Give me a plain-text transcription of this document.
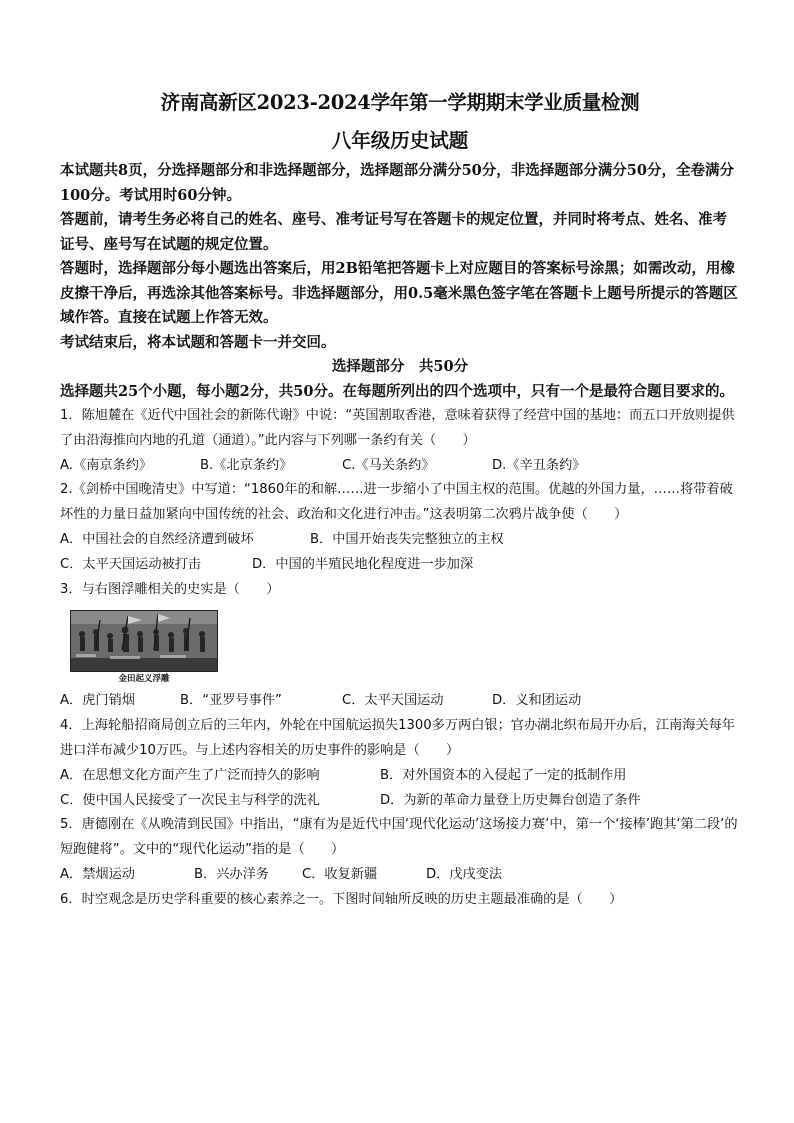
济南高新区2023-2024学年第一学期期末学业质量检测
八年级历史试题

本试题共8页，分选择题部分和非选择题部分，选择题部分满分50分，非选择题部分满分50分，全卷满分100分。考试用时60分钟。

答题前，请考生务必将自己的姓名、座号、准考证号写在答题卡的规定位置，并同时将考点、姓名、准考证号、座号写在试题的规定位置。

答题时，选择题部分每小题选出答案后，用2B铅笔把答题卡上对应题目的答案标号涂黑；如需改动，用橡皮擦干净后，再选涂其他答案标号。非选择题部分，用0.5毫米黑色签字笔在答题卡上题号所提示的答题区域作答。直接在试题上作答无效。

考试结束后，将本试题和答题卡一并交回。

选择题部分　共50分

选择题共25个小题，每小题2分，共50分。在每题所列出的四个选项中，只有一个是最符合题目要求的。

1．陈旭麓在《近代中国社会的新陈代谢》中说：“英国割取香港，意味着获得了经营中国的基地：而五口开放则提供了由沿海推向内地的孔道（通道）。”此内容与下列哪一条约有关（　　）

A.《南京条约》	B.《北京条约》	C.《马关条约》	D.《辛丑条约》

2.《剑桥中国晚清史》中写道：“1860年的和解……进一步缩小了中国主权的范围。优越的外国力量，……将带着破坏性的力量日益加紧向中国传统的社会、政治和文化进行冲击。”这表明第二次鸦片战争使（　　）

A．中国社会的自然经济遭到破坏	B．中国开始丧失完整独立的主权
C．太平天国运动被打击	D．中国的半殖民地化程度进一步加深

3．与右图浮雕相关的史实是（　　）

金田起义浮雕
A．虎门销烟	B．“亚罗号事件”	C．太平天国运动	D．义和团运动

4．上海轮船招商局创立后的三年内，外轮在中国航运损失1300多万两白银；官办湖北织布局开办后，江南海关每年进口洋布减少10万匹。与上述内容相关的历史事件的影响是（　　）

A．在思想文化方面产生了广泛而持久的影响	B．对外国资本的入侵起了一定的抵制作用
C．使中国人民接受了一次民主与科学的洗礼	D．为新的革命力量登上历史舞台创造了条件

5．唐德刚在《从晚清到民国》中指出，“康有为是近代中国‘现代化运动’这场接力赛’中，第一个‘接棒’跑其‘第二段’的短跑健将”。文中的“现代化运动”指的是（　　）

A．禁烟运动	B．兴办洋务	C．收复新疆	D．戊戌变法

6．时空观念是历史学科重要的核心素养之一。下图时间轴所反映的历史主题最准确的是（　　）
